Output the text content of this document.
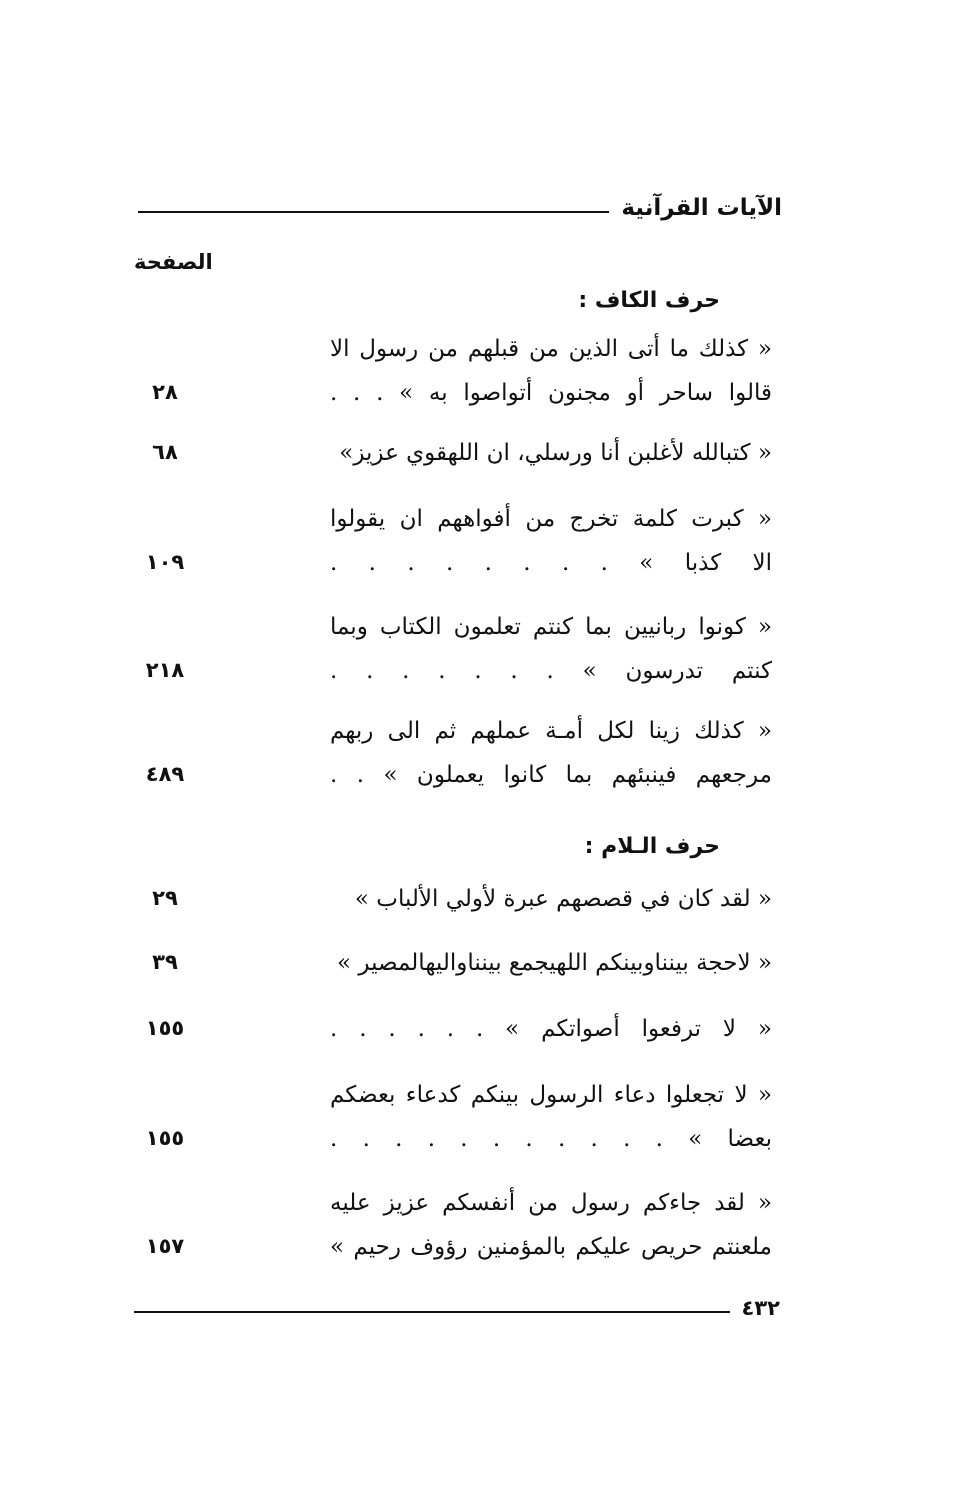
الآيات القرآنية
الصفحة
حرف الكاف :
« كذلك ما أتى الذين من قبلهم من رسول الا
قالوا ساحر أو مجنون أتواصوا به » . . .
٢٨
« كتبالله لأغلبن أنا ورسلي، ان اللهقوي عزيز»
٦٨
« كبرت كلمة تخرج من أفواههم ان يقولوا
الا كذبا » . . . . . . . .
١٠٩
« كونوا ربانيين بما كنتم تعلمون الكتاب وبما
كنتم تدرسون » . . . . . . .
٢١٨
« كذلك زينا لكل أمـة عملهم ثم الى ربهم
مرجعهم فينبئهم بما كانوا يعملون » . .
٤٨٩
حرف الـلام :
« لقد كان في قصصهم عبرة لأولي الألباب »
٢٩
« لاحجة بينناوبينكم اللهيجمع بينناواليهالمصير »
٣٩
« لا ترفعوا أصواتكم » . . . . . .
١٥٥
« لا تجعلوا دعاء الرسول بينكم كدعاء بعضكم
بعضا » . . . . . . . . . . .
١٥٥
« لقد جاءكم رسول من أنفسكم عزيز عليه
ملعنتم حريص عليكم بالمؤمنين رؤوف رحيم »
١٥٧
٤٣٢
